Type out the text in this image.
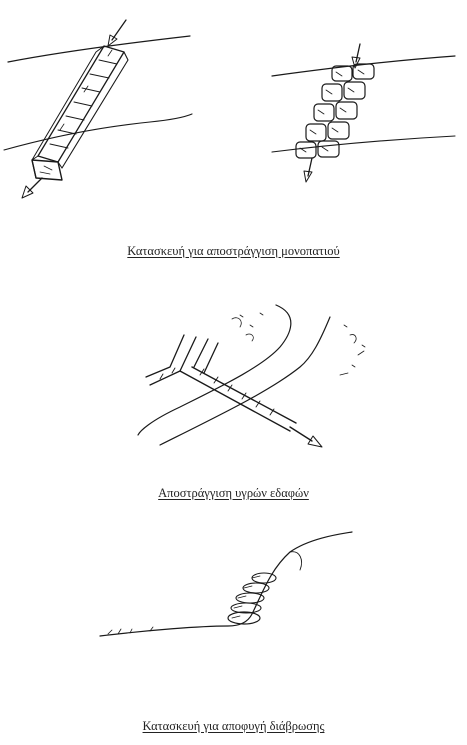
Κατασκευή για αποστράγγιση μονοπατιού
Αποστράγγιση υγρών εδαφών
Κατασκευή για αποφυγή διάβρωσης
